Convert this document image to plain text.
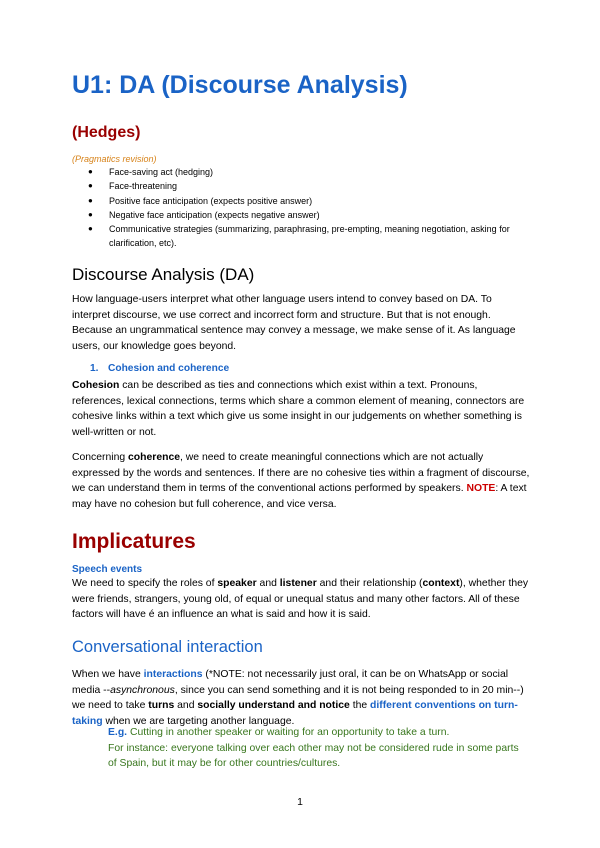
U1: DA (Discourse Analysis)
(Hedges)
(Pragmatics revision)
● Face-saving act (hedging)
● Face-threatening
● Positive face anticipation (expects positive answer)
● Negative face anticipation (expects negative answer)
● Communicative strategies (summarizing, paraphrasing, pre-empting, meaning negotiation, asking for clarification, etc).
Discourse Analysis (DA)
How language-users interpret what other language users intend to convey based on DA. To interpret discourse, we use correct and incorrect form and structure. But that is not enough. Because an ungrammatical sentence may convey a message, we make sense of it. As language users, our knowledge goes beyond.
1. Cohesion and coherence
Cohesion can be described as ties and connections which exist within a text. Pronouns, references, lexical connections, terms which share a common element of meaning, connectors are cohesive links within a text which give us some insight in our judgements on whether something is well-written or not.
Concerning coherence, we need to create meaningful connections which are not actually expressed by the words and sentences. If there are no cohesive ties within a fragment of discourse, we can understand them in terms of the conventional actions performed by speakers. NOTE: A text may have no cohesion but full coherence, and vice versa.
Implicatures
Speech events
We need to specify the roles of speaker and listener and their relationship (context), whether they were friends, strangers, young old, of equal or unequal status and many other factors. All of these factors will have é an influence an what is said and how it is said.
Conversational interaction
When we have interactions (*NOTE: not necessarily just oral, it can be on WhatsApp or social media --asynchronous, since you can send something and it is not being responded to in 20 min--) we need to take turns and socially understand and notice the different conventions on turn-taking when we are targeting another language.
E.g. Cutting in another speaker or waiting for an opportunity to take a turn.
For instance: everyone talking over each other may not be considered rude in some parts of Spain, but it may be for other countries/cultures.
1
